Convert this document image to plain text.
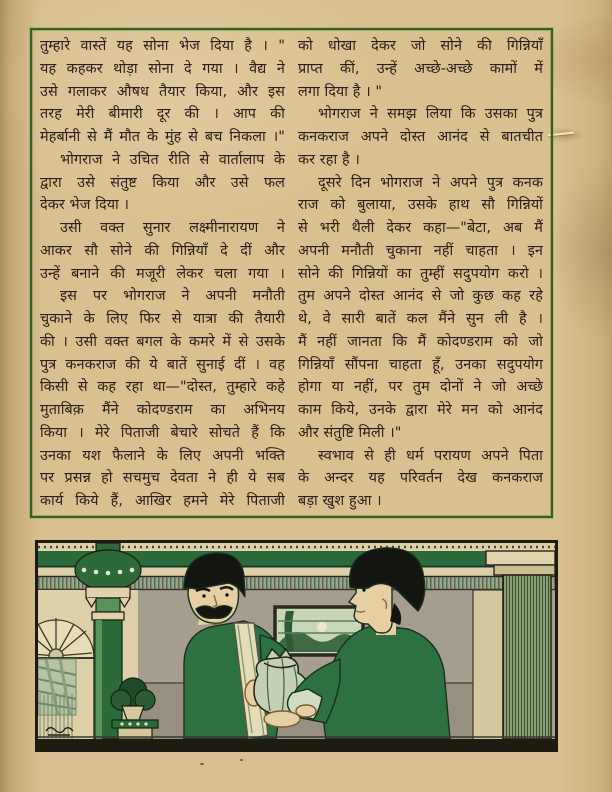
तुम्हारे वास्तें यह सोना भेज दिया है । "
यह कहकर थोड़ा सोना दे गया । वैद्य ने
उसे गलाकर औषध तैयार किया, और इस
तरह मेरी बीमारी दूर की । आप की
मेहर्बानी से मैं मौत के मुंह से बच निकला ।"
भोगराज ने उचित रीति से वार्तालाप के
द्वारा उसे संतुष्ट किया और उसे फल
देकर भेज दिया ।
उसी वक्त सुनार लक्ष्मीनारायण ने
आकर सौ सोने की गिन्नियाँ दे दीं और
उन्हें बनाने की मजूरी लेकर चला गया ।
इस पर भोगराज ने अपनी मनौती
चुकाने के लिए फिर से यात्रा की तैयारी
की । उसी वक्त बगल के कमरे में से उसके
पुत्र कनकराज की ये बातें सुनाई दीं । वह
किसी से कह रहा था—"दोस्त, तुम्हारे कहे
मुताबिक़ मैंने कोदण्डराम का अभिनय
किया । मेरे पिताजी बेचारे सोचते हैं कि
उनका यश फैलाने के लिए अपनी भक्ति
पर प्रसन्न हो सचमुच देवता ने ही ये सब
कार्य किये हैं, आखिर हमने मेरे पिताजी
को धोखा देकर जो सोने की गिन्नियाँ
प्राप्त कीं, उन्हें अच्छे-अच्छे कामों में
लगा दिया है । "
भोगराज ने समझ लिया कि उसका पुत्र
कनकराज अपने दोस्त आनंद से बातचीत
कर रहा है ।
दूसरे दिन भोगराज ने अपने पुत्र कनक
राज को बुलाया, उसके हाथ सौ गिन्नियों
से भरी थैली देकर कहा—"बेटा, अब मैं
अपनी मनौती चुकाना नहीं चाहता । इन
सोने की गिन्नियों का तुम्हीं सदुपयोग करो ।
तुम अपने दोस्त आनंद से जो कुछ कह रहे
थे, वे सारी बातें कल मैंने सुन ली है ।
मैं नहीं जानता कि मैं कोदण्डराम को जो
गिन्नियाँ सौंपना चाहता हूँ, उनका सदुपयोग
होगा या नहीं, पर तुम दोनों ने जो अच्छे
काम किये, उनके द्वारा मेरे मन को आनंद
और संतुष्टि मिली ।"
स्वभाव से ही धर्म परायण अपने पिता
के अन्दर यह परिवर्तन देख कनकराज
बड़ा खुश हुआ ।
